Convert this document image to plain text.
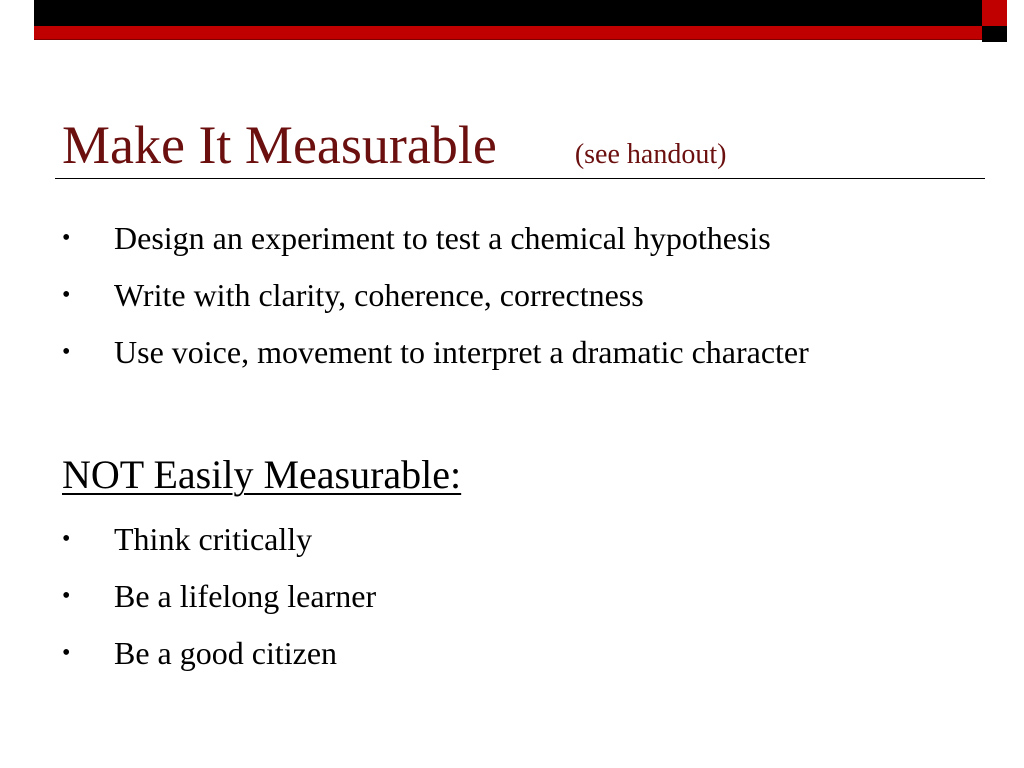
Make It Measurable	(see handout)
• Design an experiment to test a chemical hypothesis
• Write with clarity, coherence, correctness
• Use voice, movement to interpret a dramatic character
NOT Easily Measurable:
• Think critically
• Be a lifelong learner
• Be a good citizen
